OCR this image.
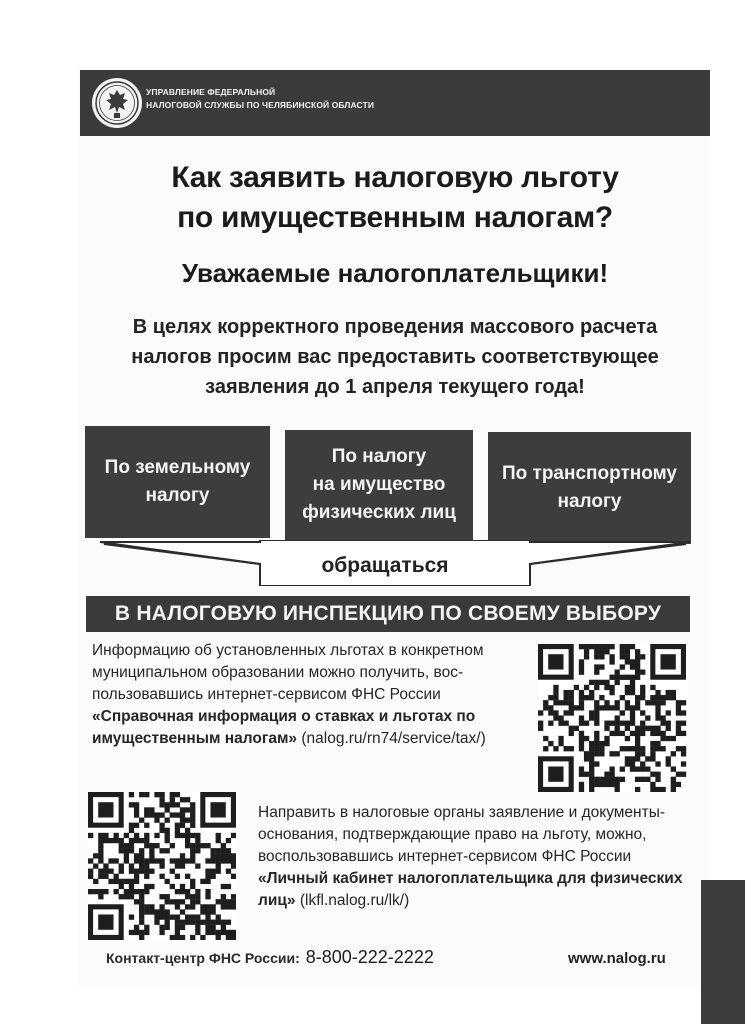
УПРАВЛЕНИЕ ФЕДЕРАЛЬНОЙ
НАЛОГОВОЙ СЛУЖБЫ ПО ЧЕЛЯБИНСКОЙ ОБЛАСТИ
Как заявить налоговую льготу
по имущественным налогам?
Уважаемые налогоплательщики!
В целях корректного проведения массового расчета
налогов просим вас предоставить соответствующее
заявления до 1 апреля текущего года!
По земельному
налогу
По налогу
на имущество
физических лиц
По транспортному
налогу
обращаться
В НАЛОГОВУЮ ИНСПЕКЦИЮ ПО СВОЕМУ ВЫБОРУ
Информацию об установленных льготах в конкретном муниципальном образовании можно получить, вос-пользовавшись интернет-сервисом ФНС России «Справочная информация о ставках и льготах по имущественным налогам» (nalog.ru/rn74/service/tax/)
Направить в налоговые органы заявление и документы-основания, подтверждающие право на льготу, можно, воспользовавшись интернет-сервисом ФНС России «Личный кабинет налогоплательщика для физических лиц» (lkfl.nalog.ru/lk/)
Контакт-центр ФНС России: 8-800-222-2222	www.nalog.ru
